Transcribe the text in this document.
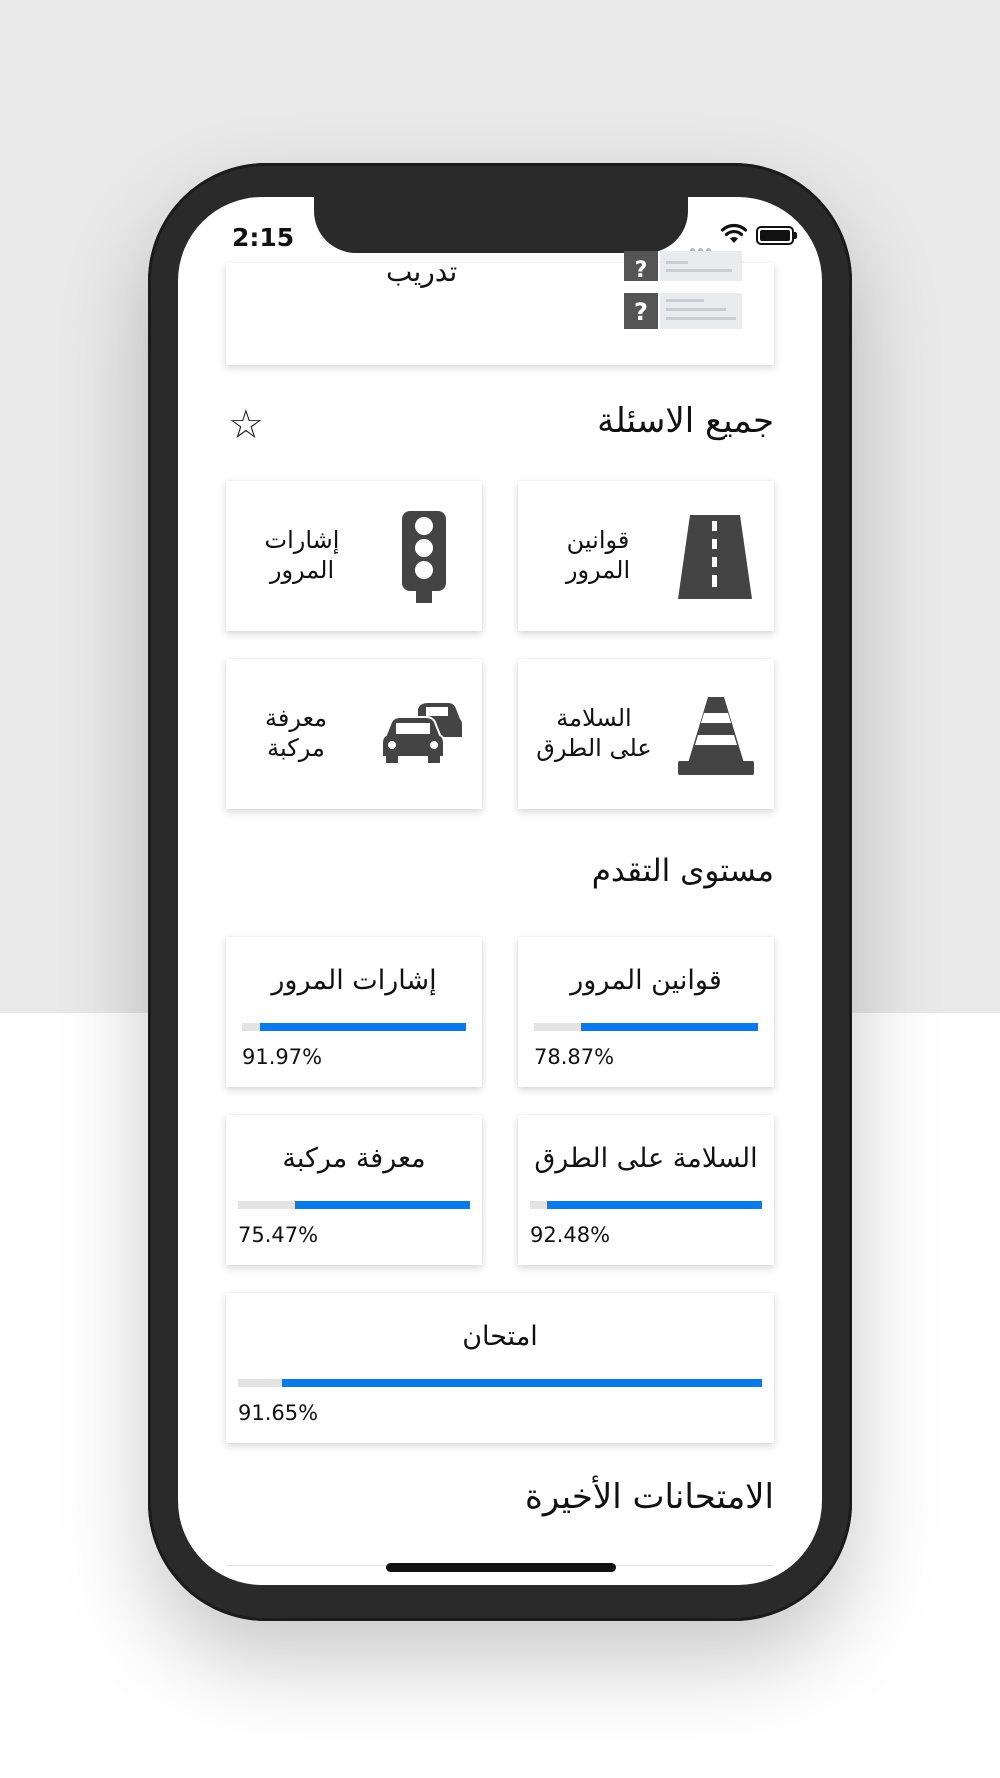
2:15
تدريب	?
?
جميع الاسئلة
☆
قوانين
المرور
إشارات
المرور
السلامة
على الطرق
معرفة
مركبة
مستوى التقدم
قوانين المرور
78.87%
إشارات المرور
91.97%
السلامة على الطرق
92.48%
معرفة مركبة
75.47%
امتحان
91.65%
الامتحانات الأخيرة
